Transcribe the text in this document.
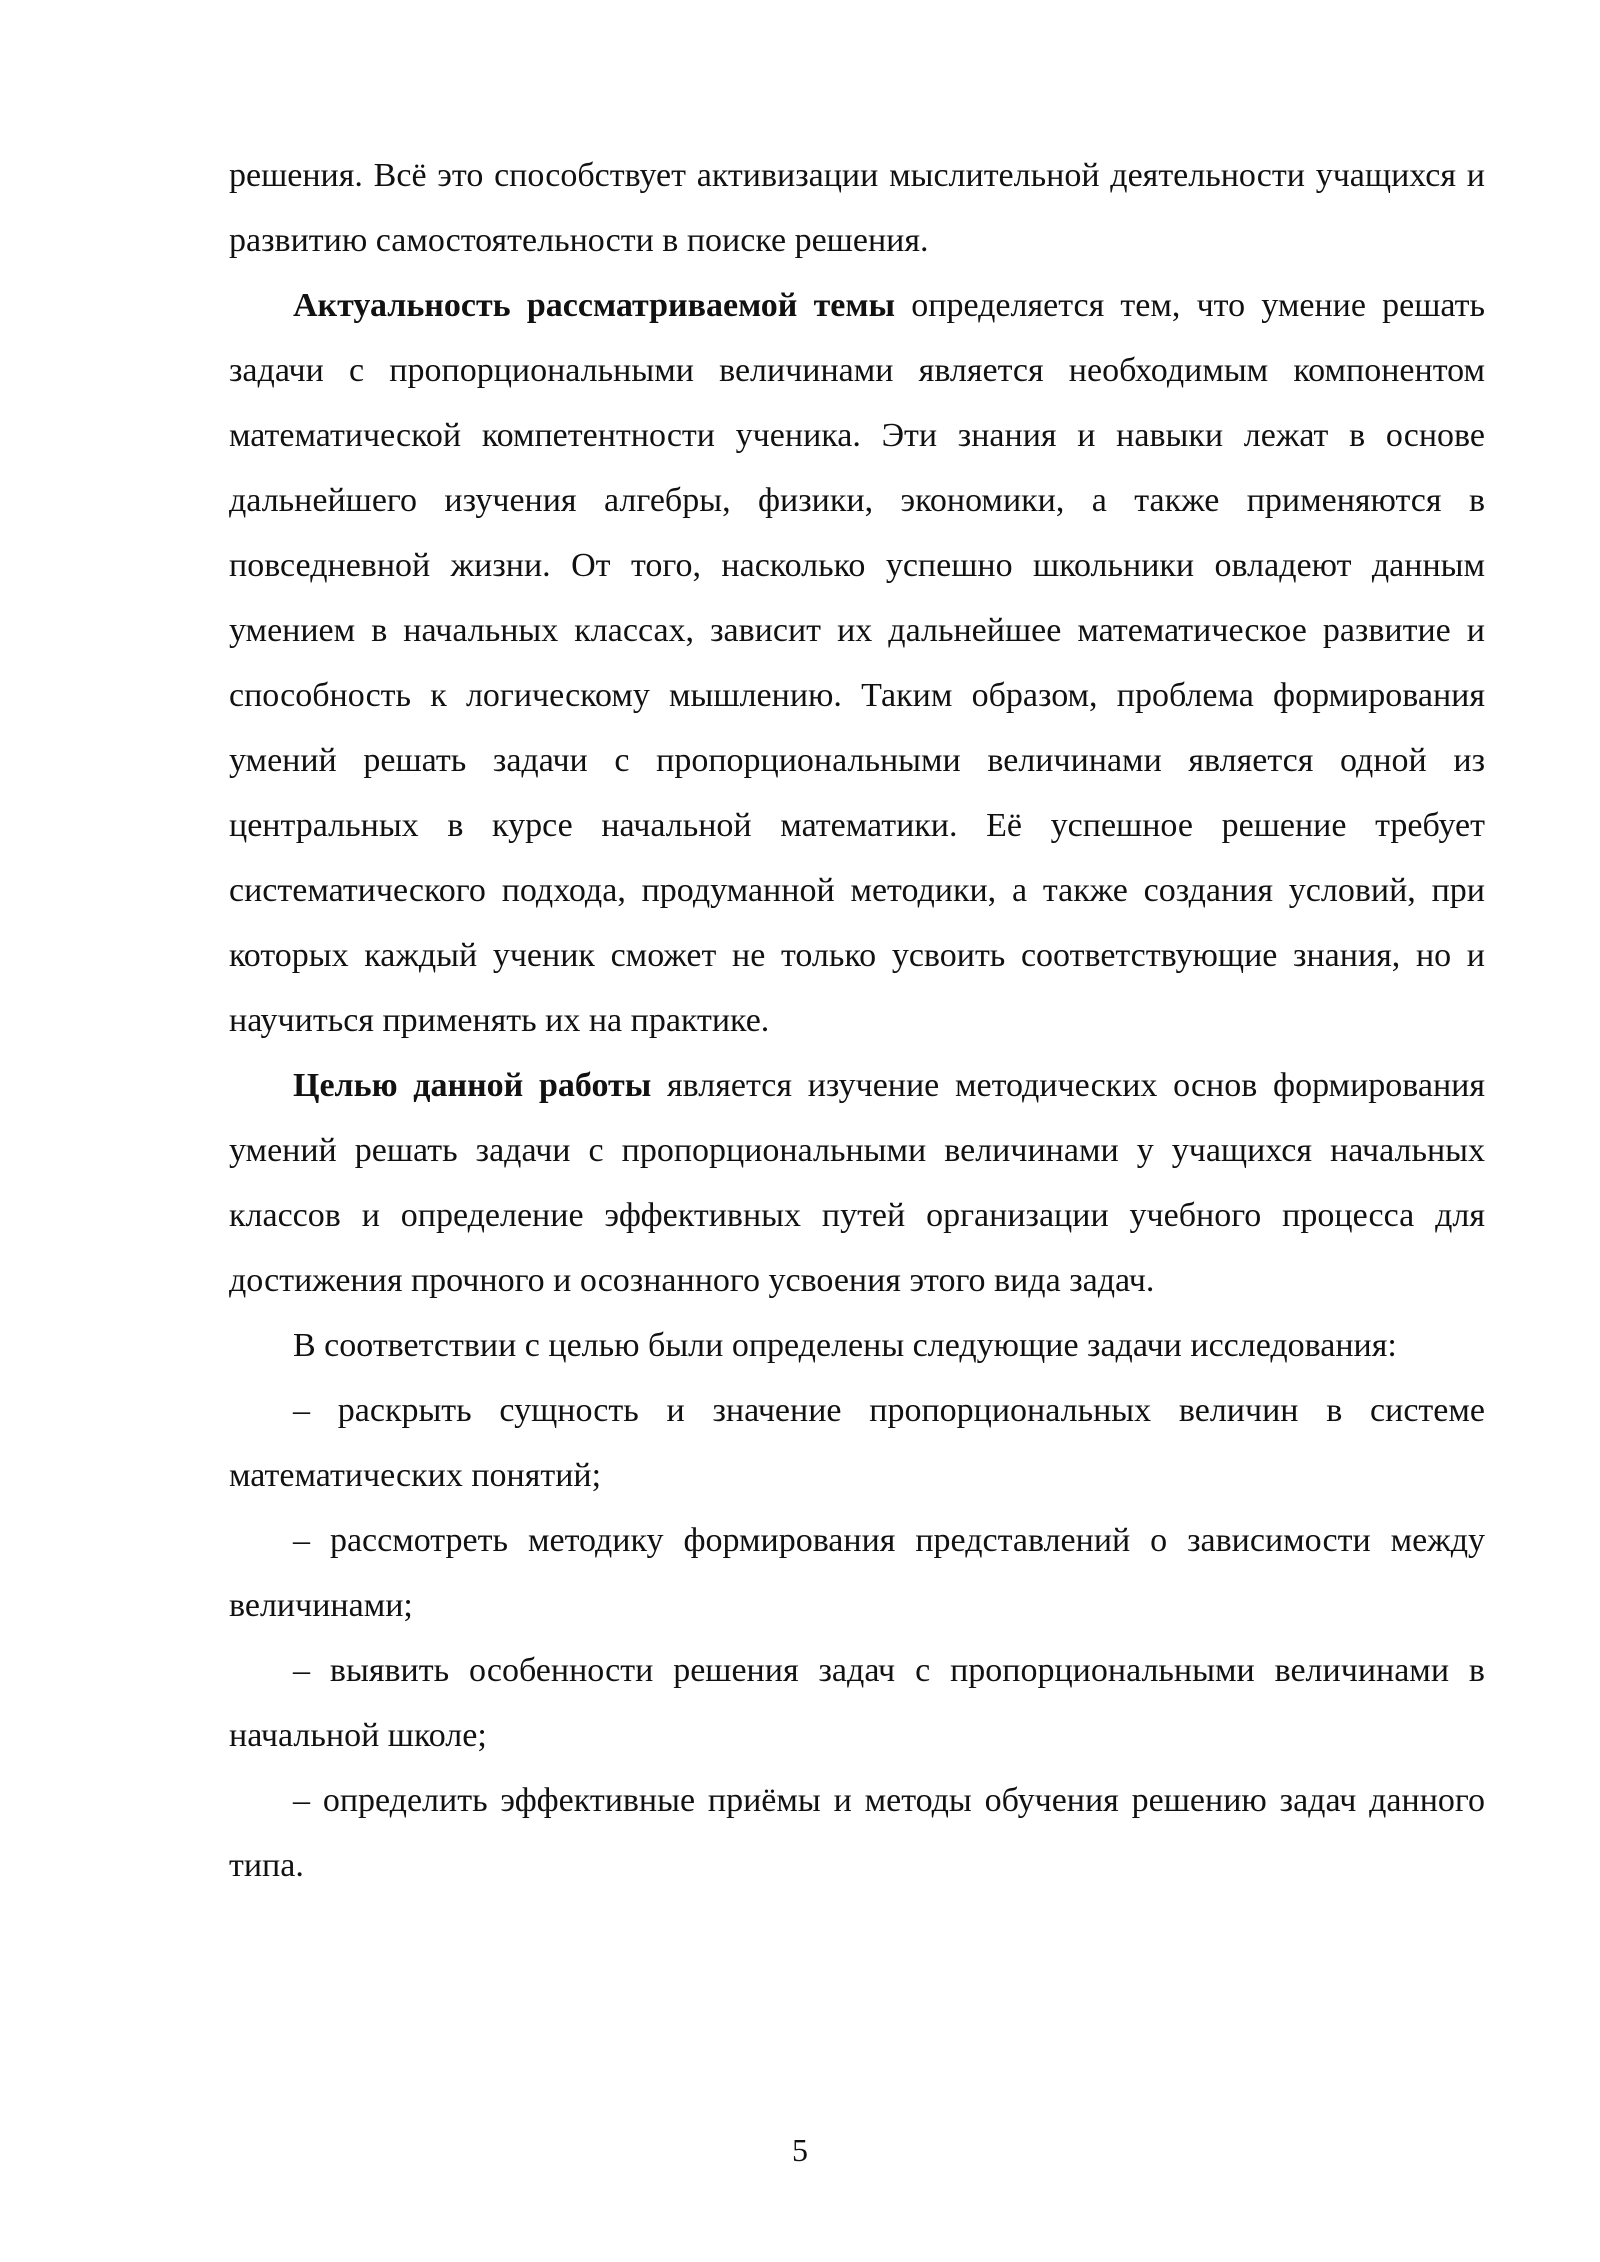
решения. Всё это способствует активизации мыслительной деятельности учащихся и развитию самостоятельности в поиске решения.

Актуальность рассматриваемой темы определяется тем, что умение решать задачи с пропорциональными величинами является необходимым компонентом математической компетентности ученика. Эти знания и навыки лежат в основе дальнейшего изучения алгебры, физики, экономики, а также применяются в повседневной жизни. От того, насколько успешно школьники овладеют данным умением в начальных классах, зависит их дальнейшее математическое развитие и способность к логическому мышлению. Таким образом, проблема формирования умений решать задачи с пропорциональными величинами является одной из центральных в курсе начальной математики. Её успешное решение требует систематического подхода, продуманной методики, а также создания условий, при которых каждый ученик сможет не только усвоить соответствующие знания, но и научиться применять их на практике.

Целью данной работы является изучение методических основ формирования умений решать задачи с пропорциональными величинами у учащихся начальных классов и определение эффективных путей организации учебного процесса для достижения прочного и осознанного усвоения этого вида задач.

В соответствии с целью были определены следующие задачи исследования:

– раскрыть сущность и значение пропорциональных величин в системе математических понятий;

– рассмотреть методику формирования представлений о зависимости между величинами;

– выявить особенности решения задач с пропорциональными величинами в начальной школе;

– определить эффективные приёмы и методы обучения решению задач данного типа.

5
